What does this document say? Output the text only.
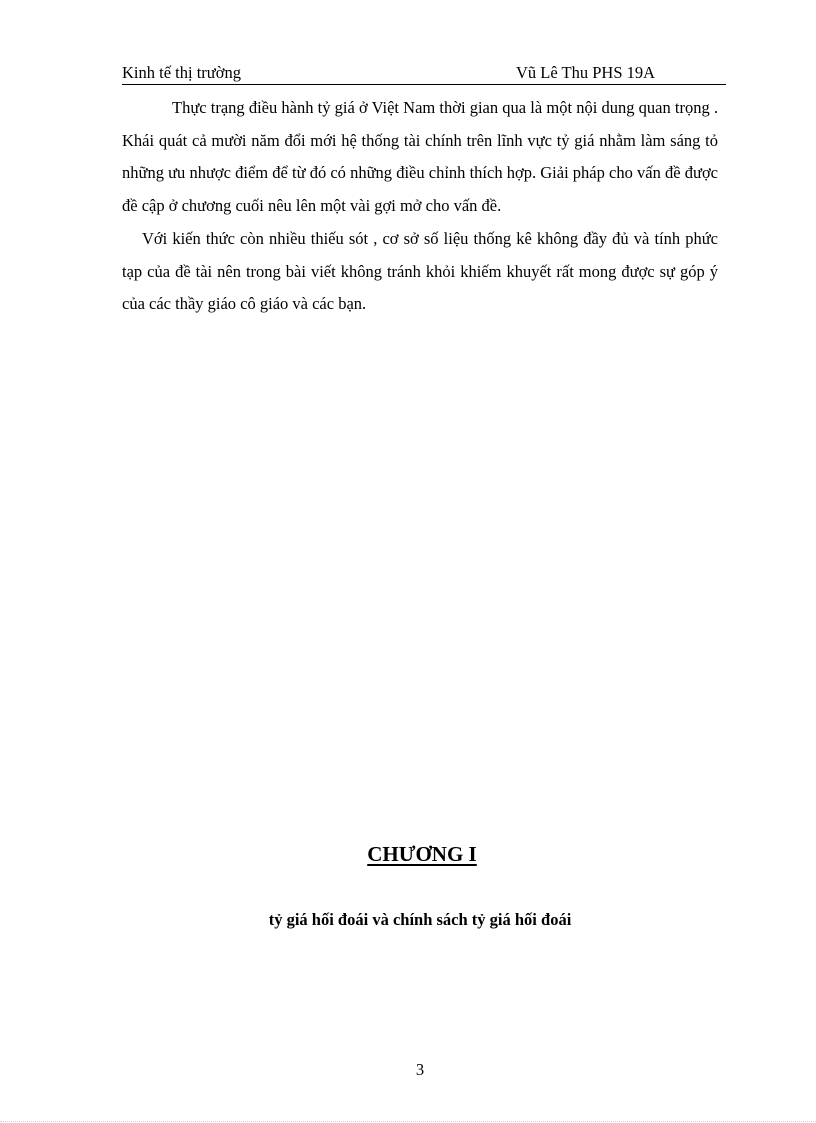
Kinh tế thị trường	Vũ Lê Thu PHS 19A

Thực trạng điều hành tỷ giá ở Việt Nam thời gian qua là một nội dung quan trọng . Khái quát cả mười năm đổi mới hệ thống tài chính trên lĩnh vực tỷ giá nhằm làm sáng tỏ những ưu nhược điểm để từ đó có những điều chỉnh thích hợp. Giải pháp cho vấn đề được đề cập ở chương cuối nêu lên một vài gợi mở cho vấn đề.

Với kiến thức còn nhiều thiếu sót , cơ sở số liệu thống kê không đầy đủ và tính phức tạp của đề tài nên trong bài viết không tránh khỏi khiếm khuyết rất mong được sự góp ý của các thầy giáo cô giáo và các bạn.

CHƯƠNG I
tỷ giá hối đoái và chính sách tỷ giá hối đoái
3
